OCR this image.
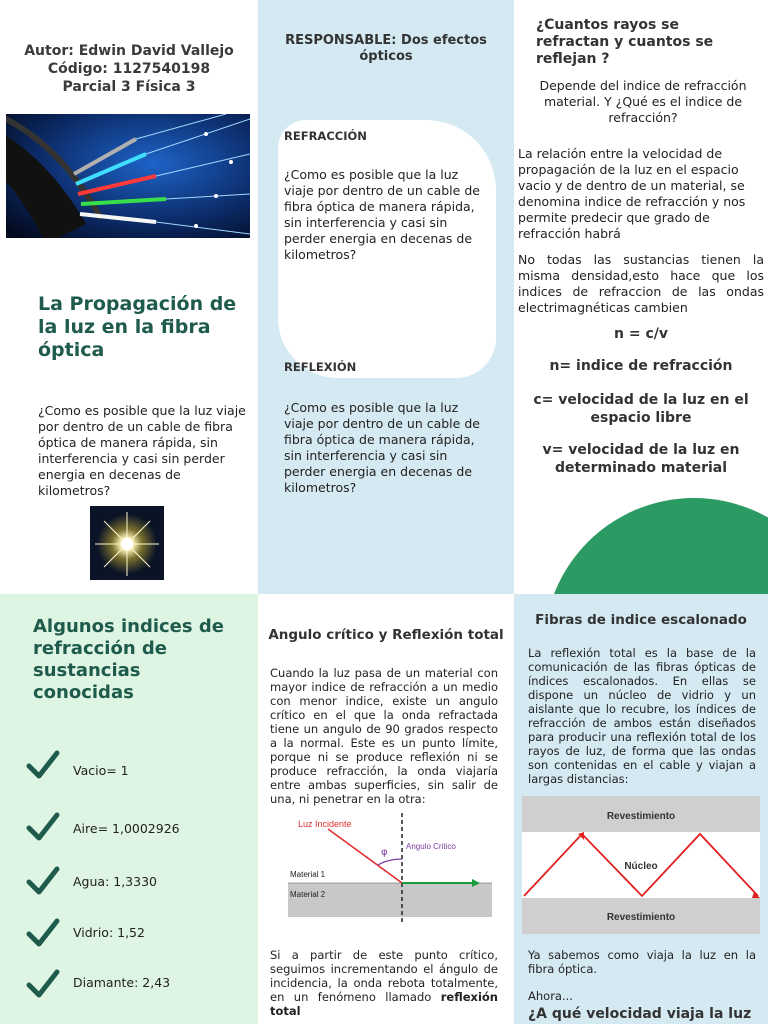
Autor: Edwin David Vallejo
Código: 1127540198
Parcial 3 Física 3
La Propagación de la luz en la fibra óptica
¿Como es posible que la luz viaje por dentro de un cable de fibra óptica de manera rápida, sin interferencia y casi sin perder energia en decenas de kilometros?
RESPONSABLE: Dos efectos ópticos
REFRACCIÓN
¿Como es posible que la luz viaje por dentro de un cable de fibra óptica de manera rápida, sin interferencia y casi sin perder energia en decenas de kilometros?
REFLEXIÓN
¿Como es posible que la luz viaje por dentro de un cable de fibra óptica de manera rápida, sin interferencia y casi sin perder energia en decenas de kilometros?
¿Cuantos rayos se refractan y cuantos se reflejan ?
Depende del indice de refracción material. Y ¿Qué es el indice de refracción?
La relación entre la velocidad de propagación de la luz en el espacio vacio y de dentro de un material, se denomina indice de refracción y nos permite predecir que grado de refracción habrá
No todas las sustancias tienen la misma densidad,esto hace que los indices de refraccion de las ondas electrimagnéticas cambien
n = c/v
n= indice de refracción
c= velocidad de la luz en el espacio libre
v= velocidad de la luz en determinado material
Algunos indices de refracción de sustancias conocidas
Vacio= 1
Aire= 1,0002926
Agua: 1,3330
Vidrio: 1,52
Diamante: 2,43
Angulo crítico y Reflexión total
Cuando la luz pasa de un material con mayor indice de refracción a un medio con menor indice, existe un angulo crítico en el que la onda refractada tiene un angulo de 90 grados respecto a la normal. Este es un punto límite, porque ni se produce reflexión ni se produce refracción, la onda viajaría entre ambas superficies, sin salir de una, ni penetrar en la otra:
Luz Incidente
φ
Angulo Critico
Material 1
Material 2
Si a partir de este punto crítico, seguimos incrementando el ángulo de incidencia, la onda rebota totalmente, en un fenómeno llamado reflexión total
Fibras de indice escalonado
La reflexión total es la base de la comunicación de las fibras ópticas de índices escalonados. En ellas se dispone un núcleo de vidrio y un aislante que lo recubre, los índices de refracción de ambos están diseñados para producir una reflexión total de los rayos de luz, de forma que las ondas son contenidas en el cable y viajan a largas distancias:
Revestimiento
Núcleo
Revestimiento
Ya sabemos como viaja la luz en la fibra óptica.
Ahora...
¿A qué velocidad viaja la luz
